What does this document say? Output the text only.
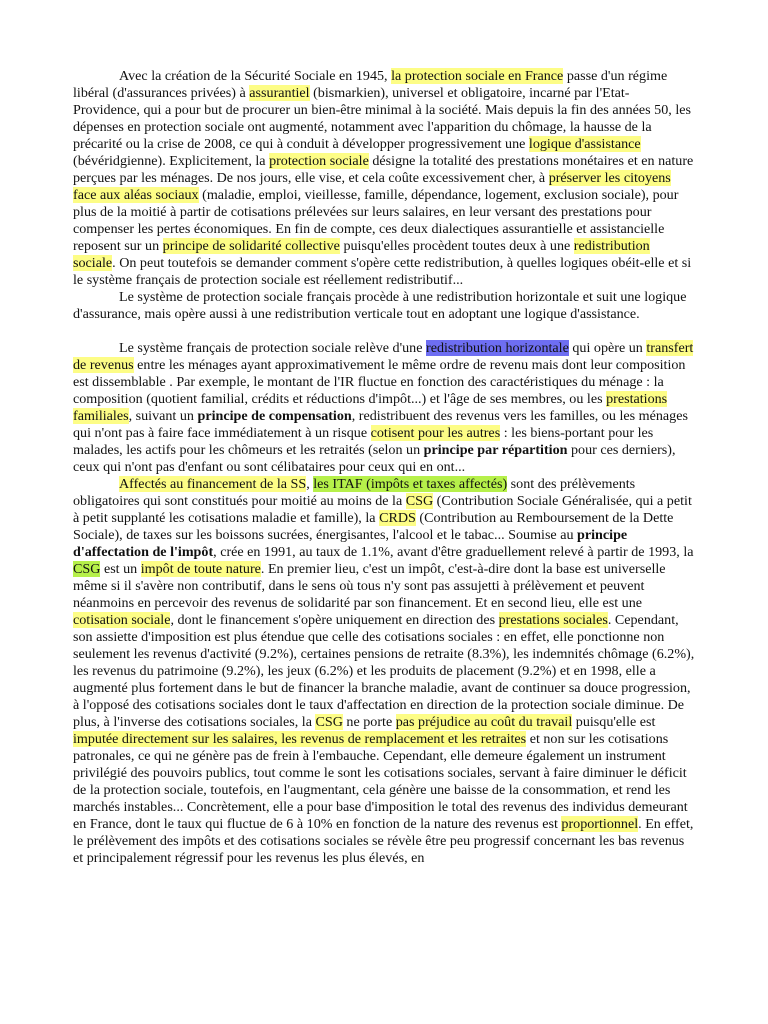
Avec la création de la Sécurité Sociale en 1945, la protection sociale en France passe d'un régime libéral (d'assurances privées) à assurantiel (bismarkien), universel et obligatoire, incarné par l'Etat-Providence, qui a pour but de procurer un bien-être minimal à la société. Mais depuis la fin des années 50, les dépenses en protection sociale ont augmenté, notamment avec l'apparition du chômage, la hausse de la précarité ou la crise de 2008, ce qui à conduit à développer progressivement une logique d'assistance (bévéridgienne). Explicitement, la protection sociale désigne la totalité des prestations monétaires et en nature perçues par les ménages. De nos jours, elle vise, et cela coûte excessivement cher, à préserver les citoyens face aux aléas sociaux (maladie, emploi, vieillesse, famille, dépendance, logement, exclusion sociale), pour plus de la moitié à partir de cotisations prélevées sur leurs salaires, en leur versant des prestations pour compenser les pertes économiques. En fin de compte, ces deux dialectiques assurantielle et assistancielle reposent sur un principe de solidarité collective puisqu'elles procèdent toutes deux à une redistribution sociale. On peut toutefois se demander comment s'opère cette redistribution, à quelles logiques obéit-elle et si le système français de protection sociale est réellement redistributif...

Le système de protection sociale français procède à une redistribution horizontale et suit une logique d'assurance, mais opère aussi à une redistribution verticale tout en adoptant une logique d'assistance.

Le système français de protection sociale relève d'une redistribution horizontale qui opère un transfert de revenus entre les ménages ayant approximativement le même ordre de revenu mais dont leur composition est dissemblable . Par exemple, le montant de l'IR fluctue en fonction des caractéristiques du ménage : la composition (quotient familial, crédits et réductions d'impôt...) et l'âge de ses membres, ou les prestations familiales, suivant un principe de compensation, redistribuent des revenus vers les familles, ou les ménages qui n'ont pas à faire face immédiatement à un risque cotisent pour les autres : les biens-portant pour les malades, les actifs pour les chômeurs et les retraités (selon un principe par répartition pour ces derniers), ceux qui n'ont pas d'enfant ou sont célibataires pour ceux qui en ont...

Affectés au financement de la SS, les ITAF (impôts et taxes affectés) sont des prélèvements obligatoires qui sont constitués pour moitié au moins de la CSG (Contribution Sociale Généralisée, qui a petit à petit supplanté les cotisations maladie et famille), la CRDS (Contribution au Remboursement de la Dette Sociale), de taxes sur les boissons sucrées, énergisantes, l'alcool et le tabac... Soumise au principe d'affectation de l'impôt, crée en 1991, au taux de 1.1%, avant d'être graduellement relevé à partir de 1993, la CSG est un impôt de toute nature. En premier lieu, c'est un impôt, c'est-à-dire dont la base est universelle même si il s'avère non contributif, dans le sens où tous n'y sont pas assujetti à prélèvement et peuvent néanmoins en percevoir des revenus de solidarité par son financement. Et en second lieu, elle est une cotisation sociale, dont le financement s'opère uniquement en direction des prestations sociales. Cependant, son assiette d'imposition est plus étendue que celle des cotisations sociales : en effet, elle ponctionne non seulement les revenus d'activité (9.2%), certaines pensions de retraite (8.3%), les indemnités chômage (6.2%), les revenus du patrimoine (9.2%), les jeux (6.2%) et les produits de placement (9.2%) et en 1998, elle a augmenté plus fortement dans le but de financer la branche maladie, avant de continuer sa douce progression, à l'opposé des cotisations sociales dont le taux d'affectation en direction de la protection sociale diminue. De plus, à l'inverse des cotisations sociales, la CSG ne porte pas préjudice au coût du travail puisqu'elle est imputée directement sur les salaires, les revenus de remplacement et les retraites et non sur les cotisations patronales, ce qui ne génère pas de frein à l'embauche. Cependant, elle demeure également un instrument privilégié des pouvoirs publics, tout comme le sont les cotisations sociales, servant à faire diminuer le déficit de la protection sociale, toutefois, en l'augmentant, cela génère une baisse de la consommation, et rend les marchés instables... Concrètement, elle a pour base d'imposition le total des revenus des individus demeurant en France, dont le taux qui fluctue de 6 à 10% en fonction de la nature des revenus est proportionnel. En effet, le prélèvement des impôts et des cotisations sociales se révèle être peu progressif concernant les bas revenus et principalement régressif pour les revenus les plus élevés, en
